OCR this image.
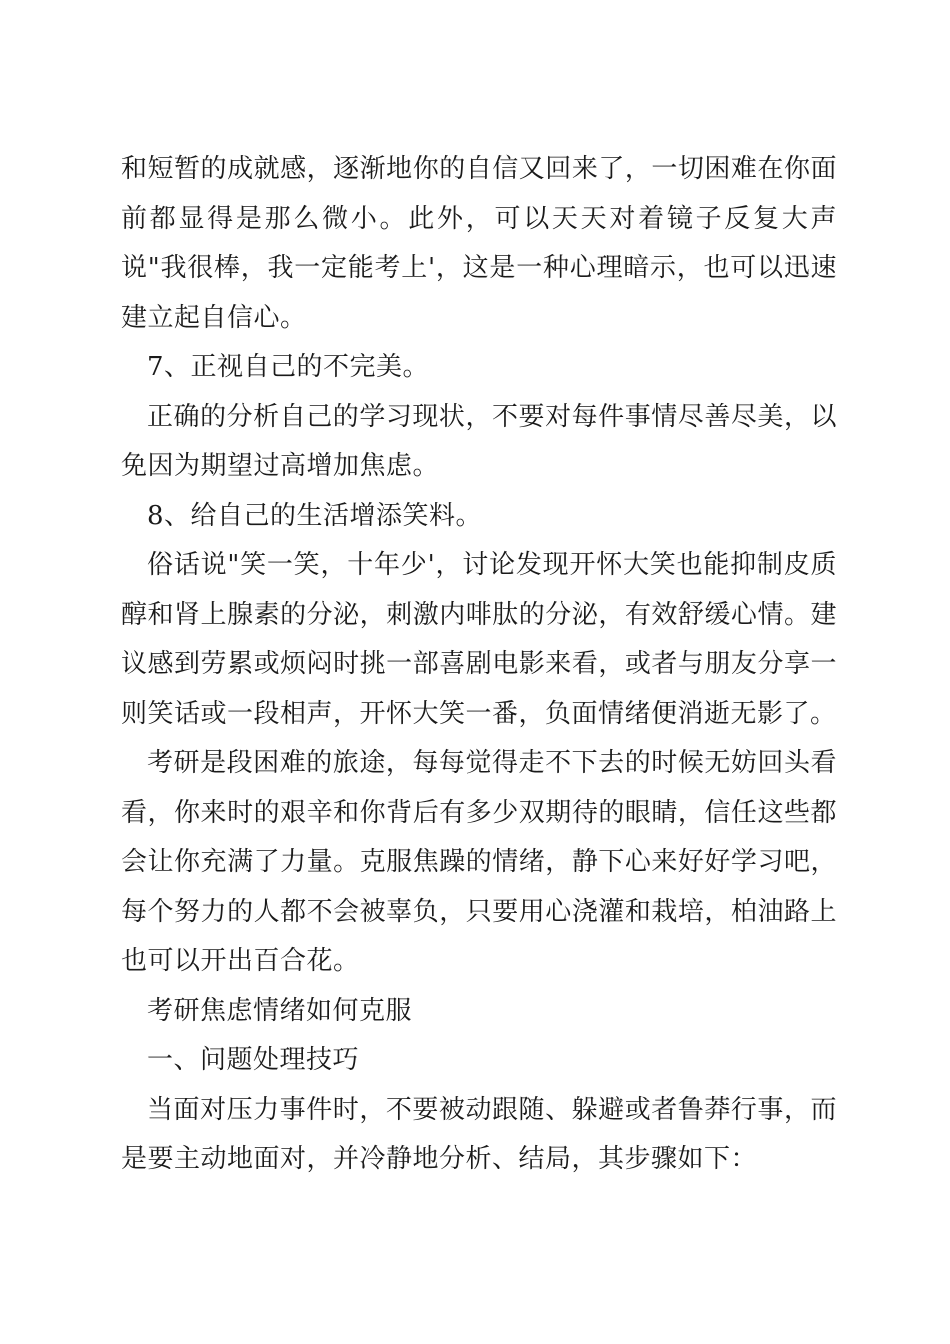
和短暂的成就感，逐渐地你的自信又回来了，一切困难在你面前都显得是那么微小。此外，可以天天对着镜子反复大声说"我很棒，我一定能考上'，这是一种心理暗示，也可以迅速建立起自信心。

7、正视自己的不完美。

正确的分析自己的学习现状，不要对每件事情尽善尽美，以免因为期望过高增加焦虑。

8、给自己的生活增添笑料。

俗话说"笑一笑，十年少'，讨论发现开怀大笑也能抑制皮质醇和肾上腺素的分泌，刺激内啡肽的分泌，有效舒缓心情。建议感到劳累或烦闷时挑一部喜剧电影来看，或者与朋友分享一则笑话或一段相声，开怀大笑一番，负面情绪便消逝无影了。

考研是段困难的旅途，每每觉得走不下去的时候无妨回头看看，你来时的艰辛和你背后有多少双期待的眼睛，信任这些都会让你充满了力量。克服焦躁的情绪，静下心来好好学习吧，每个努力的人都不会被辜负，只要用心浇灌和栽培，柏油路上也可以开出百合花。

考研焦虑情绪如何克服

一、问题处理技巧

当面对压力事件时，不要被动跟随、躲避或者鲁莽行事，而是要主动地面对，并冷静地分析、结局，其步骤如下：
